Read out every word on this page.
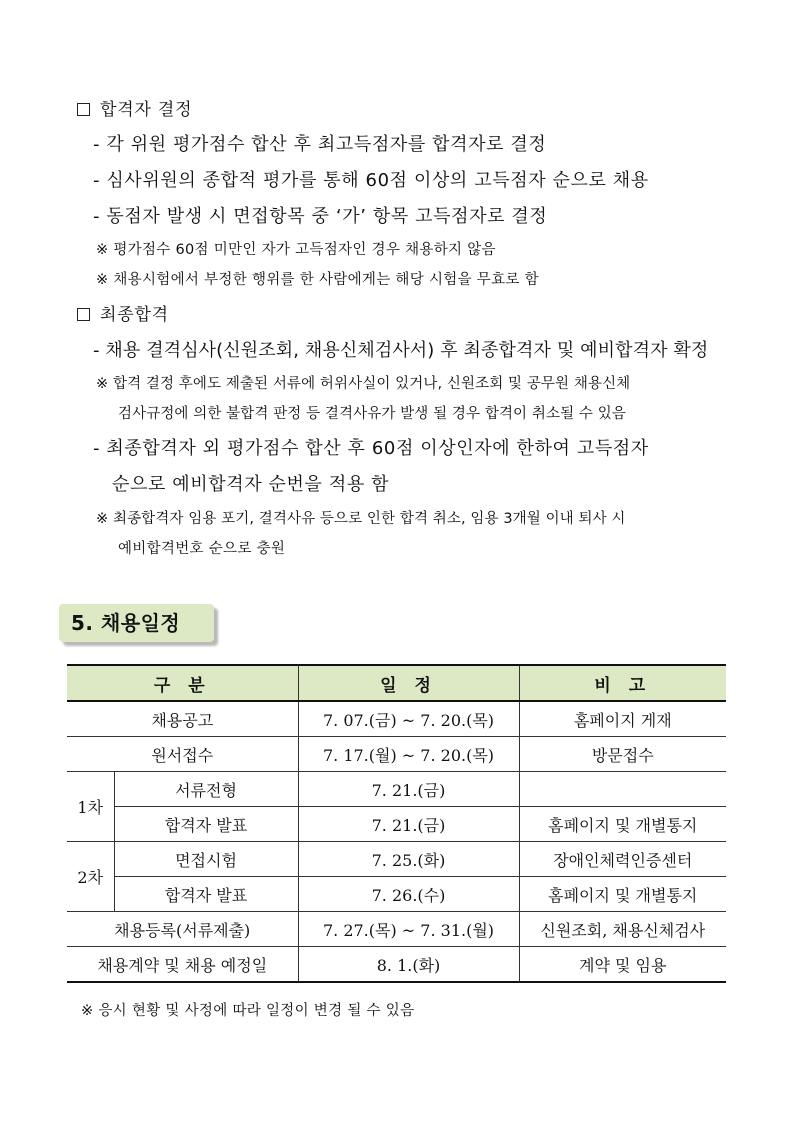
합격자 결정
- 각 위원 평가점수 합산 후 최고득점자를 합격자로 결정
- 심사위원의 종합적 평가를 통해 60점 이상의 고득점자 순으로 채용
- 동점자 발생 시 면접항목 중 ‘가’ 항목 고득점자로 결정
※ 평가점수 60점 미만인 자가 고득점자인 경우 채용하지 않음
※ 채용시험에서 부정한 행위를 한 사람에게는 해당 시험을 무효로 함
최종합격
- 채용 결격심사(신원조회, 채용신체검사서) 후 최종합격자 및 예비합격자 확정
※ 합격 결정 후에도 제출된 서류에 허위사실이 있거나, 신원조회 및 공무원 채용신체
검사규정에 의한 불합격 판정 등 결격사유가 발생 될 경우 합격이 취소될 수 있음
- 최종합격자 외 평가점수 합산 후 60점 이상인자에 한하여 고득점자
순으로 예비합격자 순번을 적용 함
※ 최종합격자 임용 포기, 결격사유 등으로 인한 합격 취소, 임용 3개월 이내 퇴사 시
예비합격번호 순으로 충원
5. 채용일정
구 분		일 정	비 고
채용공고		7. 07.(금) ~ 7. 20.(목)	홈페이지 게재
원서접수		7. 17.(월) ~ 7. 20.(목)	방문접수
1차	서류전형	7. 21.(금)	
	합격자 발표	7. 21.(금)	홈페이지 및 개별통지
2차	면접시험	7. 25.(화)	장애인체력인증센터
	합격자 발표	7. 26.(수)	홈페이지 및 개별통지
채용등록(서류제출)		7. 27.(목) ~ 7. 31.(월)	신원조회, 채용신체검사
채용계약 및 채용 예정일		8. 1.(화)	계약 및 임용
※ 응시 현황 및 사정에 따라 일정이 변경 될 수 있음
